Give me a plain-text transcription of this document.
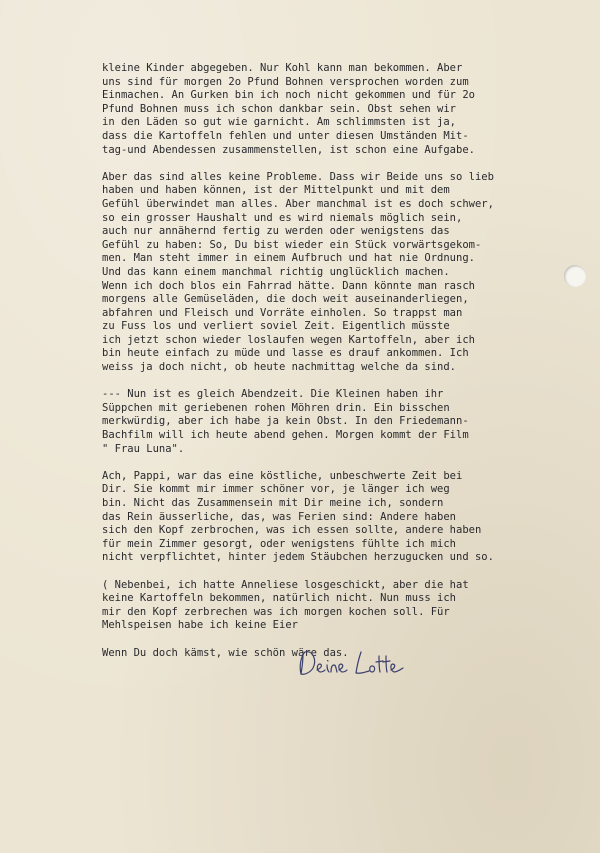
kleine Kinder abgegeben. Nur Kohl kann man bekommen. Aber
uns sind für morgen 2o Pfund Bohnen versprochen worden zum
Einmachen. An Gurken bin ich noch nicht gekommen und für 2o
Pfund Bohnen muss ich schon dankbar sein. Obst sehen wir
in den Läden so gut wie garnicht. Am schlimmsten ist ja,
dass die Kartoffeln fehlen und unter diesen Umständen Mit-
tag-und Abendessen zusammenstellen, ist schon eine Aufgabe.

Aber das sind alles keine Probleme. Dass wir Beide uns so lieb
haben und haben können, ist der Mittelpunkt und mit dem
Gefühl überwindet man alles. Aber manchmal ist es doch schwer,
so ein grosser Haushalt und es wird niemals möglich sein,
auch nur annähernd fertig zu werden oder wenigstens das
Gefühl zu haben: So, Du bist wieder ein Stück vorwärtsgekom-
men. Man steht immer in einem Aufbruch und hat nie Ordnung.
Und das kann einem manchmal richtig unglücklich machen.
Wenn ich doch blos ein Fahrrad hätte. Dann könnte man rasch
morgens alle Gemüseläden, die doch weit auseinanderliegen,
abfahren und Fleisch und Vorräte einholen. So trappst man
zu Fuss los und verliert soviel Zeit. Eigentlich müsste
ich jetzt schon wieder loslaufen wegen Kartoffeln, aber ich
bin heute einfach zu müde und lasse es drauf ankommen. Ich
weiss ja doch nicht, ob heute nachmittag welche da sind.

--- Nun ist es gleich Abendzeit. Die Kleinen haben ihr
Süppchen mit geriebenen rohen Möhren drin. Ein bisschen
merkwürdig, aber ich habe ja kein Obst. In den Friedemann-
Bachfilm will ich heute abend gehen. Morgen kommt der Film
" Frau Luna".

Ach, Pappi, war das eine köstliche, unbeschwerte Zeit bei
Dir. Sie kommt mir immer schöner vor, je länger ich weg
bin. Nicht das Zusammensein mit Dir meine ich, sondern
das Rein äusserliche, das, was Ferien sind: Andere haben
sich den Kopf zerbrochen, was ich essen sollte, andere haben
für mein Zimmer gesorgt, oder wenigstens fühlte ich mich
nicht verpflichtet, hinter jedem Stäubchen herzugucken und so.

( Nebenbei, ich hatte Anneliese losgeschickt, aber die hat
keine Kartoffeln bekommen, natürlich nicht. Nun muss ich
mir den Kopf zerbrechen was ich morgen kochen soll. Für
Mehlspeisen habe ich keine Eier

Wenn Du doch kämst, wie schön wäre das.
